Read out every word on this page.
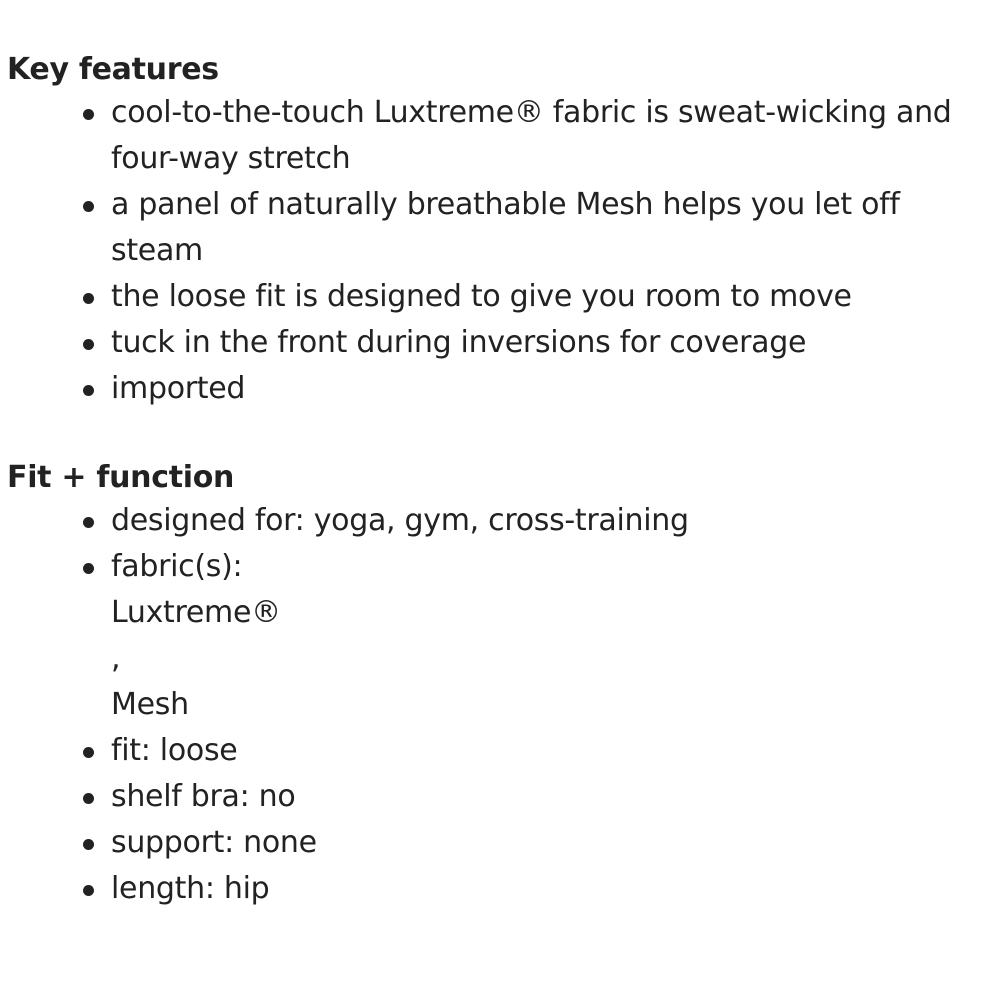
Key features
cool-to-the-touch Luxtreme® fabric is sweat-wicking and four-way stretch
a panel of naturally breathable Mesh helps you let off steam
the loose fit is designed to give you room to move
tuck in the front during inversions for coverage
imported
Fit + function
designed for: yoga, gym, cross-training
fabric(s):
Luxtreme®
,
Mesh
fit: loose
shelf bra: no
support: none
length: hip
